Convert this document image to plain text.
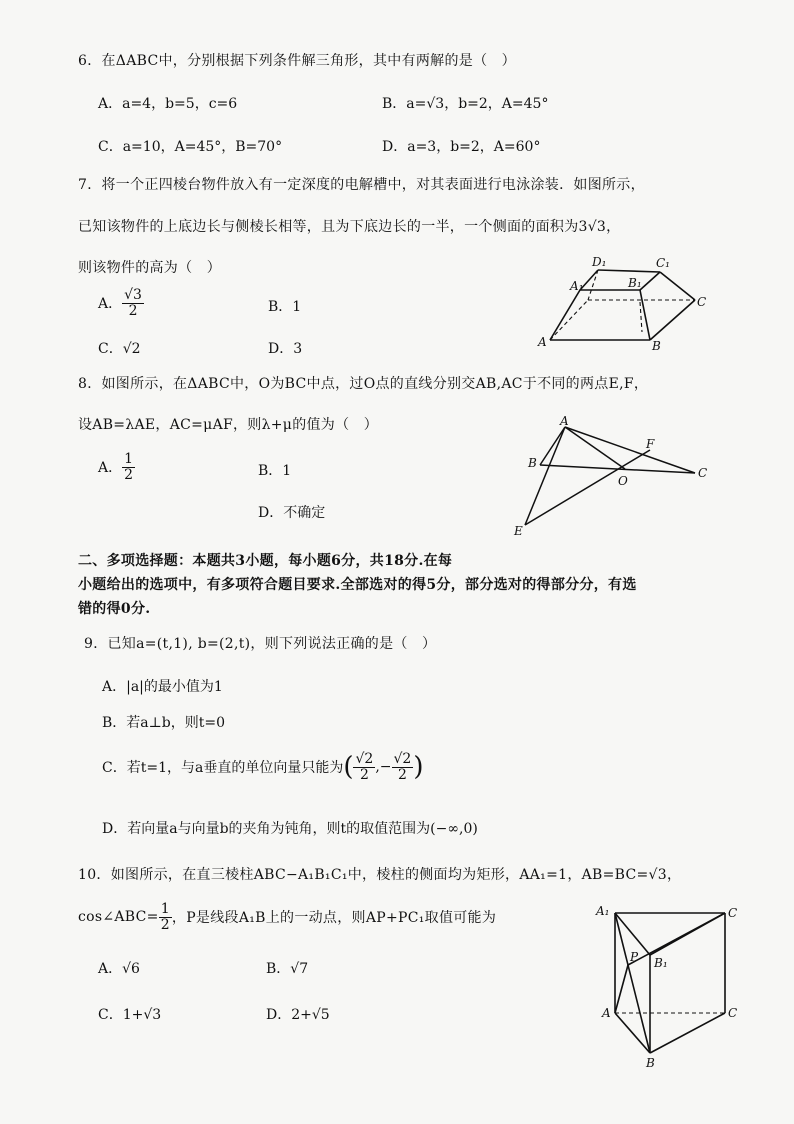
6．在ΔABC中，分别根据下列条件解三角形，其中有两解的是（　）
A．a=4，b=5，c=6	B．a=√3，b=2，A=45°
C．a=10，A=45°，B=70°	D．a=3，b=2，A=60°
7．将一个正四棱台物件放入有一定深度的电解槽中，对其表面进行电泳涂装．如图所示，
已知该物件的上底边长与侧棱长相等，且为下底边长的一半，一个侧面的面积为3√3，
则该物件的高为（　）
A． $\frac{√3}{2}$	B．1
C．√2	D．3
D₁	C₁
A₁	B₁
C
A	B
8．如图所示，在ΔABC中，O为BC中点，过O点的直线分别交AB,AC于不同的两点E,F，
设AB=λAE，AC=μAF，则λ+μ的值为（　）
A． $\frac{1}{2}$	B．1
D．不确定
A
F
B
C
O
E
二、多项选择题：本题共3小题，每小题6分，共18分.在每
小题给出的选项中，有多项符合题目要求.全部选对的得5分，部分选对的得部分分，有选
错的得0分.
9．已知a=(t,1), b=(2,t)，则下列说法正确的是（　）
A．|a|的最小值为1
B．若a⊥b，则t=0
C．若t=1，与a垂直的单位向量只能为( $\frac{√2}{2}$ ,− $\frac{√2}{2}$ )
D．若向量a与向量b的夹角为钝角，则t的取值范围为(−∞,0)
10．如图所示，在直三棱柱ABC−A₁B₁C₁中，棱柱的侧面均为矩形，AA₁=1，AB=BC=√3，
cos∠ABC= $\frac{1}{2}$ ，P是线段A₁B上的一动点，则AP+PC₁取值可能为
A．√6	B．√7
C．1+√3	D．2+√5
A₁	C
B₁
P
A	C
B
